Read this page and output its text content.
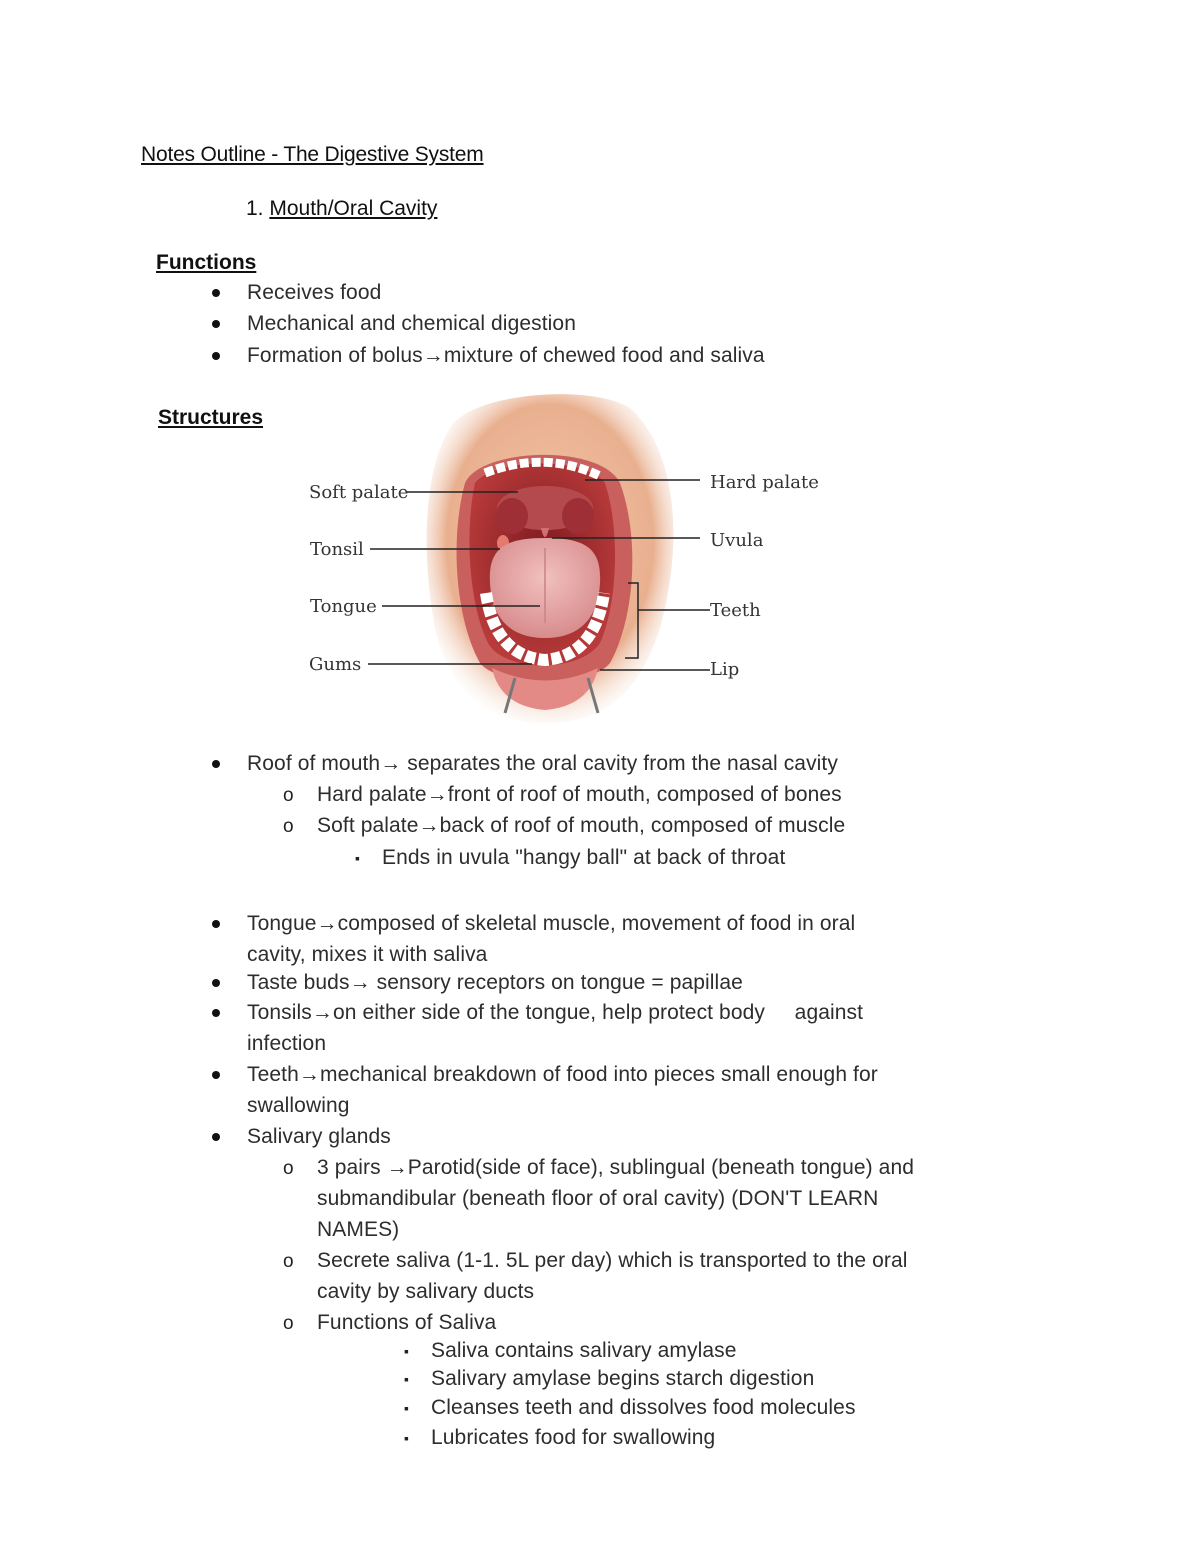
Notes Outline - The Digestive System
1. Mouth/Oral Cavity
Functions
Receives food
Mechanical and chemical digestion
Formation of bolus→mixture of chewed food and saliva
Structures
Soft palate
Tonsil
Tongue
Gums
Hard palate
Uvula
Teeth
Lip
Roof of mouth→ separates the oral cavity from the nasal cavity
o Hard palate→front of roof of mouth, composed of bones
o Soft palate→back of roof of mouth, composed of muscle
▪ Ends in uvula "hangy ball" at back of throat
Tongue→composed of skeletal muscle, movement of food in oral
cavity, mixes it with saliva
Taste buds→ sensory receptors on tongue = papillae
Tonsils→on either side of the tongue, help protect body     against
infection
Teeth→mechanical breakdown of food into pieces small enough for
swallowing
Salivary glands
o 3 pairs →Parotid(side of face), sublingual (beneath tongue) and
submandibular (beneath floor of oral cavity) (DON'T LEARN
NAMES)
o Secrete saliva (1-1. 5L per day) which is transported to the oral
cavity by salivary ducts
o Functions of Saliva
▪ Saliva contains salivary amylase
▪ Salivary amylase begins starch digestion
▪ Cleanses teeth and dissolves food molecules
▪ Lubricates food for swallowing
